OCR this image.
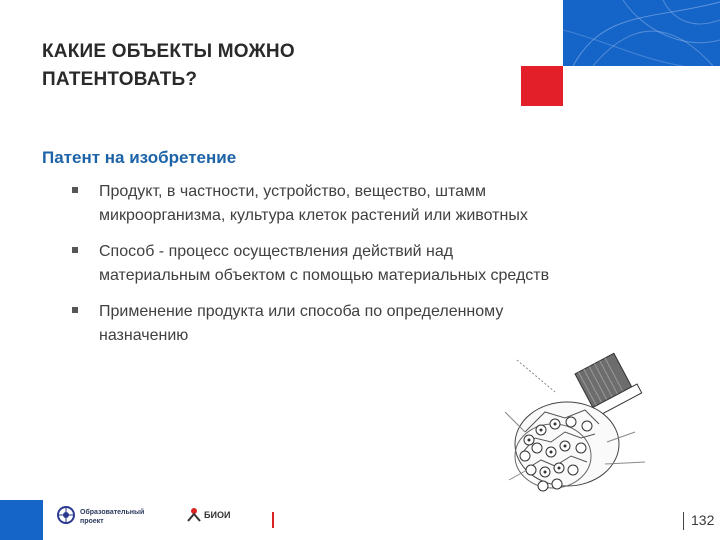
КАКИЕ ОБЪЕКТЫ МОЖНО
ПАТЕНТОВАТЬ?
Патент на изобретение
Продукт, в частности, устройство, вещество, штамм
микроорганизма, культура клеток растений или животных
Способ - процесс осуществления действий над
материальным объектом с помощью материальных средств
Применение продукта или способа по определенному
назначению
Образовательный
проект
БИОИ	132
